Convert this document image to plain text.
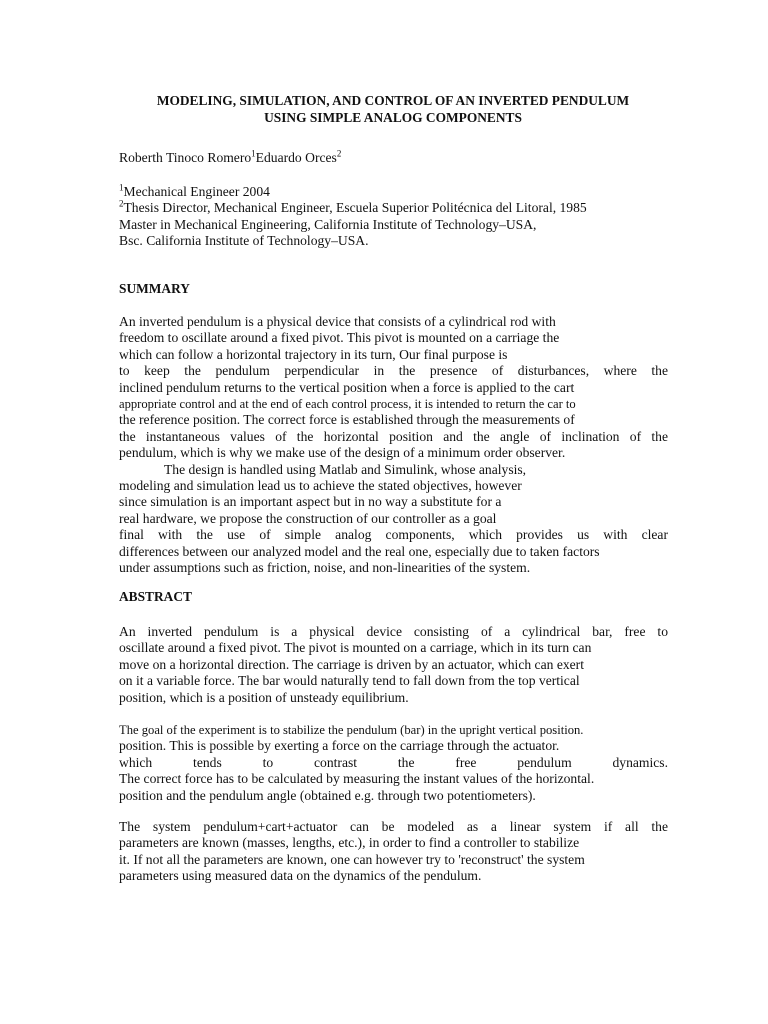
MODELING, SIMULATION, AND CONTROL OF AN INVERTED PENDULUM
USING SIMPLE ANALOG COMPONENTS
Roberth Tinoco Romero$^1$Eduardo Orces$^2$
$^1$Mechanical Engineer 2004
$^2$Thesis Director, Mechanical Engineer, Escuela Superior Politécnica del Litoral, 1985
Master in Mechanical Engineering, California Institute of Technology–USA,
Bsc. California Institute of Technology–USA.
SUMMARY
An inverted pendulum is a physical device that consists of a cylindrical rod with
freedom to oscillate around a fixed pivot. This pivot is mounted on a carriage the
which can follow a horizontal trajectory in its turn, Our final purpose is
to keep the pendulum perpendicular in the presence of disturbances, where the
inclined pendulum returns to the vertical position when a force is applied to the cart
appropriate control and at the end of each control process, it is intended to return the car to
the reference position. The correct force is established through the measurements of
the instantaneous values of the horizontal position and the angle of inclination of the
pendulum, which is why we make use of the design of a minimum order observer.
The design is handled using Matlab and Simulink, whose analysis,
modeling and simulation lead us to achieve the stated objectives, however
since simulation is an important aspect but in no way a substitute for a
real hardware, we propose the construction of our controller as a goal
final with the use of simple analog components, which provides us with clear
differences between our analyzed model and the real one, especially due to taken factors
under assumptions such as friction, noise, and non-linearities of the system.
ABSTRACT
An inverted pendulum is a physical device consisting of a cylindrical bar, free to
oscillate around a fixed pivot. The pivot is mounted on a carriage, which in its turn can
move on a horizontal direction. The carriage is driven by an actuator, which can exert
on it a variable force. The bar would naturally tend to fall down from the top vertical
position, which is a position of unsteady equilibrium.
The goal of the experiment is to stabilize the pendulum (bar) in the upright vertical position.
position. This is possible by exerting a force on the carriage through the actuator.
which tends to contrast the free pendulum dynamics.
The correct force has to be calculated by measuring the instant values of the horizontal.
position and the pendulum angle (obtained e.g. through two potentiometers).
The system pendulum+cart+actuator can be modeled as a linear system if all the
parameters are known (masses, lengths, etc.), in order to find a controller to stabilize
it. If not all the parameters are known, one can however try to 'reconstruct' the system
parameters using measured data on the dynamics of the pendulum.
